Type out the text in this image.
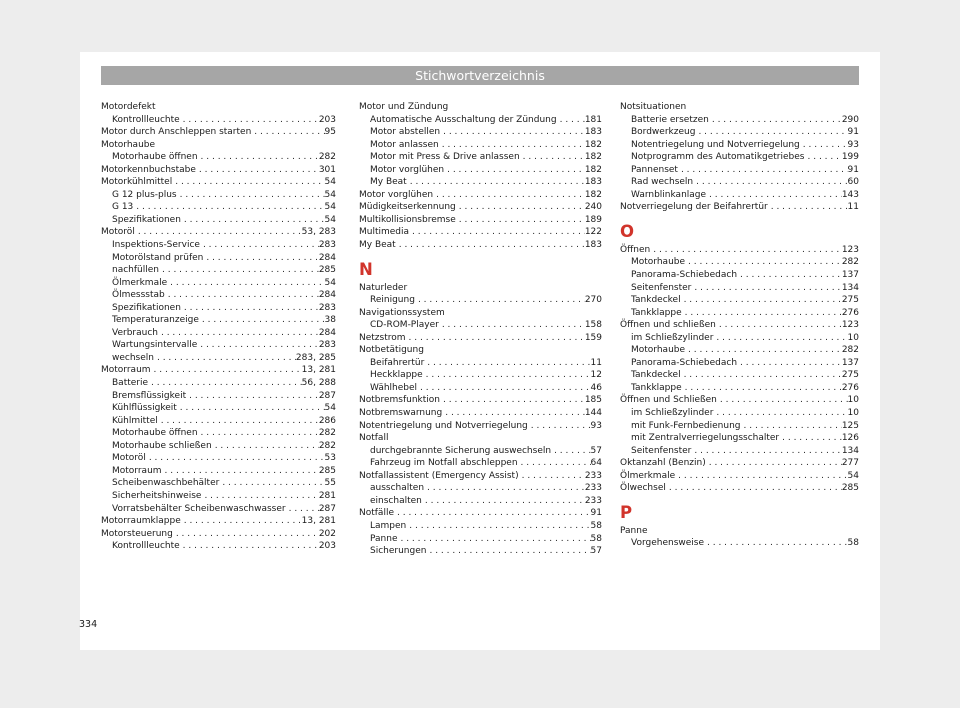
Stichwortverzeichnis
Motordefekt
Kontrollleuchte . . .	203
Motor durch Anschleppen starten . . .	95
Motorhaube
Motorhaube öffnen . . .	282
Motorkennbuchstabe . . .	301
Motorkühlmittel . . .	54
G 12 plus-plus . . .	54
G 13 . . .	54
Spezifikationen . . .	54
Motoröl . . .	53, 283
Inspektions-Service . . .	283
Motorölstand prüfen . . .	284
nachfüllen . . .	285
Ölmerkmale . . .	54
Ölmessstab . . .	284
Spezifikationen . . .	283
Temperaturanzeige . . .	38
Verbrauch . . .	284
Wartungsintervalle . . .	283
wechseln . . .	283, 285
Motorraum . . .	13, 281
Batterie . . .	56, 288
Bremsflüssigkeit . . .	287
Kühlflüssigkeit . . .	54
Kühlmittel . . .	286
Motorhaube öffnen . . .	282
Motorhaube schließen . . .	282
Motoröl . . .	53
Motorraum . . .	285
Scheibenwaschbehälter . . .	55
Sicherheitshinweise . . .	281
Vorratsbehälter Scheibenwaschwasser . . .	287
Motorraumklappe . . .	13, 281
Motorsteuerung . . .	202
Kontrollleuchte . . .	203
Motor und Zündung
Automatische Ausschaltung der Zündung . . .	181
Motor abstellen . . .	183
Motor anlassen . . .	182
Motor mit Press & Drive anlassen . . .	182
Motor vorglühen . . .	182
My Beat . . .	183
Motor vorglühen . . .	182
Müdigkeitserkennung . . .	240
Multikollisionsbremse . . .	189
Multimedia . . .	122
My Beat . . .	183
N
Naturleder
Reinigung . . .	270
Navigationssystem
CD-ROM-Player . . .	158
Netzstrom . . .	159
Notbetätigung
Beifahrertür . . .	11
Heckklappe . . .	12
Wählhebel . . .	46
Notbremsfunktion . . .	185
Notbremswarnung . . .	144
Notentriegelung und Notverriegelung . . .	93
Notfall
durchgebrannte Sicherung auswechseln . . .	57
Fahrzeug im Notfall abschleppen . . .	64
Notfallassistent (Emergency Assist) . . .	233
ausschalten . . .	233
einschalten . . .	233
Notfälle . . .	91
Lampen . . .	58
Panne . . .	58
Sicherungen . . .	57
Notsituationen
Batterie ersetzen . . .	290
Bordwerkzeug . . .	91
Notentriegelung und Notverriegelung . . .	93
Notprogramm des Automatikgetriebes . . .	199
Pannenset . . .	91
Rad wechseln . . .	60
Warnblinkanlage . . .	143
Notverriegelung der Beifahrertür . . .	11
O
Öffnen . . .	123
Motorhaube . . .	282
Panorama-Schiebedach . . .	137
Seitenfenster . . .	134
Tankdeckel . . .	275
Tankklappe . . .	276
Öffnen und schließen . . .	123
im Schließzylinder . . .	10
Motorhaube . . .	282
Panorama-Schiebedach . . .	137
Tankdeckel . . .	275
Tankklappe . . .	276
Öffnen und Schließen . . .	10
im Schließzylinder . . .	10
mit Funk-Fernbedienung . . .	125
mit Zentralverriegelungsschalter . . .	126
Seitenfenster . . .	134
Oktanzahl (Benzin) . . .	277
Ölmerkmale . . .	54
Ölwechsel . . .	285
P
Panne
Vorgehensweise . . .	58
334
